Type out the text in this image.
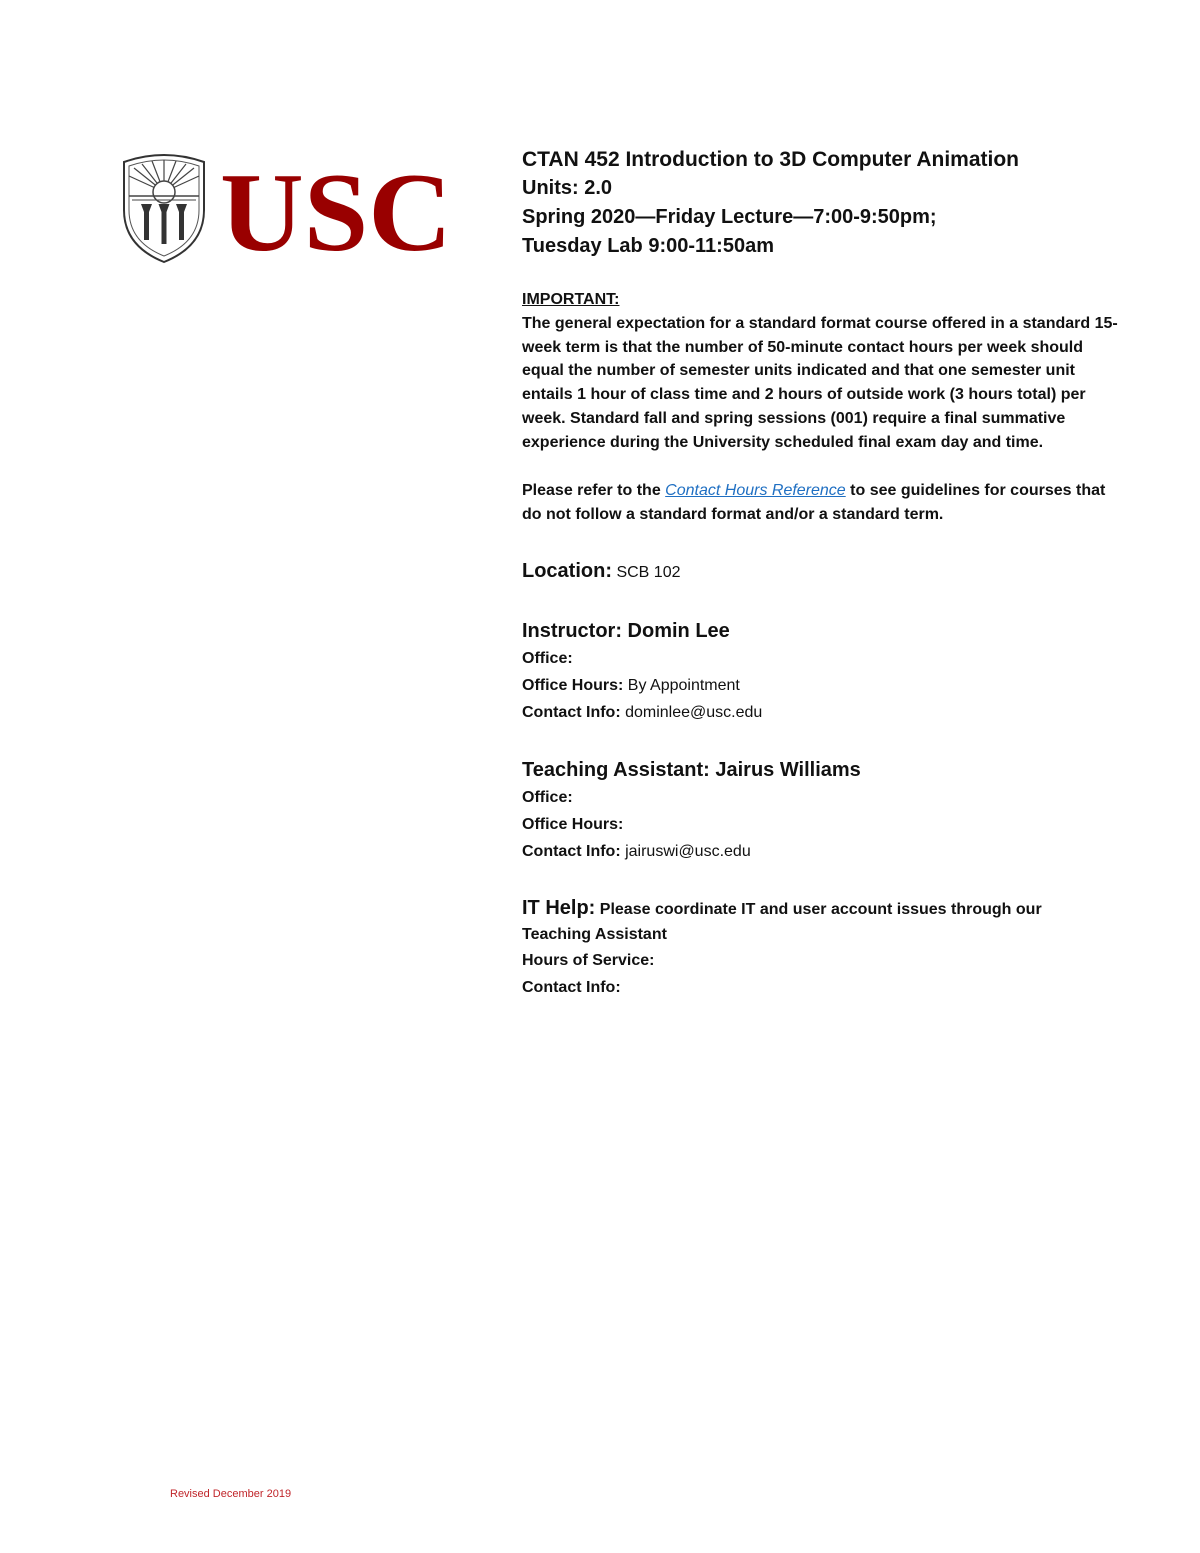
USC	CTAN 452 Introduction to 3D Computer Animation
Units: 2.0
Spring 2020—Friday Lecture—7:00-9:50pm;
Tuesday Lab 9:00-11:50am
IMPORTANT:

The general expectation for a standard format course offered in a standard 15-week term is that the number of 50-minute contact hours per week should equal the number of semester units indicated and that one semester unit entails 1 hour of class time and 2 hours of outside work (3 hours total) per week. Standard fall and spring sessions (001) require a final summative experience during the University scheduled final exam day and time.

Please refer to the Contact Hours Reference to see guidelines for courses that do not follow a standard format and/or a standard term.
Location: SCB 102
Instructor: Domin Lee
Office:
Office Hours: By Appointment
Contact Info: dominlee@usc.edu
Teaching Assistant: Jairus Williams
Office:
Office Hours:
Contact Info: jairuswi@usc.edu
IT Help: Please coordinate IT and user account issues through our
Teaching Assistant
Hours of Service:
Contact Info:
Revised December 2019
